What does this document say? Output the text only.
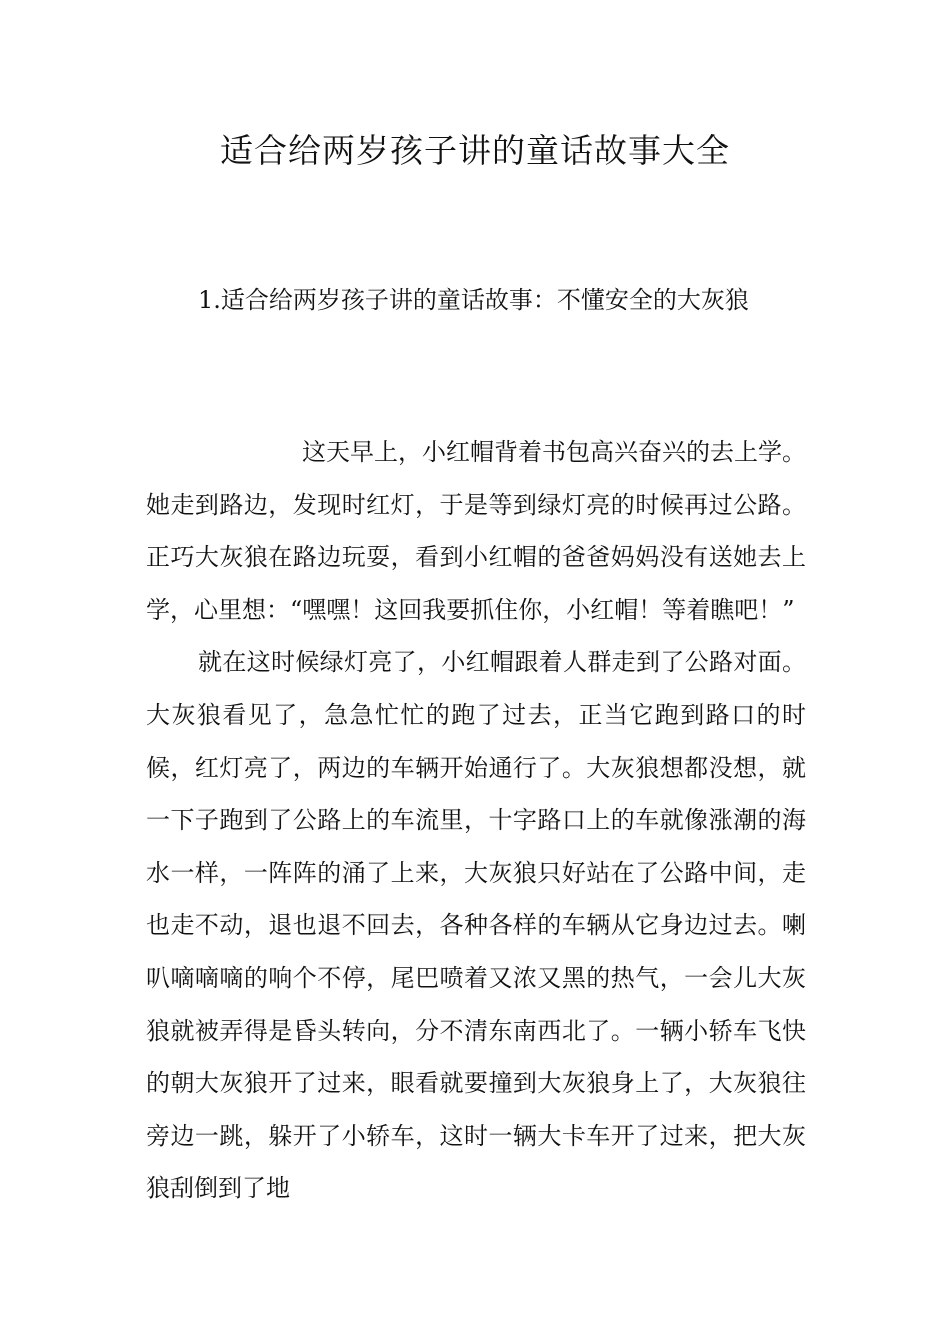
适合给两岁孩子讲的童话故事大全
1.适合给两岁孩子讲的童话故事：不懂安全的大灰狼

这天早上，小红帽背着书包高兴奋兴的去上学。她走到路边，发现时红灯，于是等到绿灯亮的时候再过公路。正巧大灰狼在路边玩耍，看到小红帽的爸爸妈妈没有送她去上学，心里想：“嘿嘿！这回我要抓住你，小红帽！等着瞧吧！”

就在这时候绿灯亮了，小红帽跟着人群走到了公路对面。大灰狼看见了，急急忙忙的跑了过去，正当它跑到路口的时候，红灯亮了，两边的车辆开始通行了。大灰狼想都没想，就一下子跑到了公路上的车流里，十字路口上的车就像涨潮的海水一样，一阵阵的涌了上来，大灰狼只好站在了公路中间，走也走不动，退也退不回去，各种各样的车辆从它身边过去。喇叭嘀嘀嘀的响个不停，尾巴喷着又浓又黑的热气，一会儿大灰狼就被弄得是昏头转向，分不清东南西北了。一辆小轿车飞快的朝大灰狼开了过来，眼看就要撞到大灰狼身上了，大灰狼往旁边一跳，躲开了小轿车，这时一辆大卡车开了过来，把大灰狼刮倒到了地
